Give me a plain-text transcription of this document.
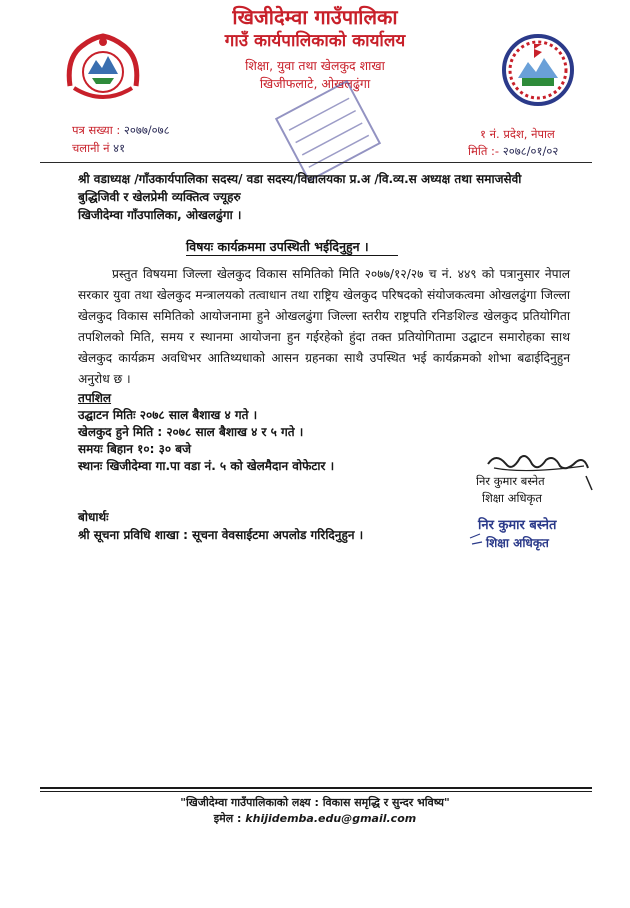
खिजीदेम्वा गाउँपालिका
गाउँ कार्यपालिकाको कार्यालय
शिक्षा, युवा तथा खेलकुद शाखा
खिजीफलाटे, ओखलढुंगा
पत्र सख्या : २०७७/०७८
चलानी नं ४१
१ नं. प्रदेश, नेपाल
मिति :- २०७८/०१/०२
श्री वडाध्यक्ष /गाँउकार्यपालिका सदस्य/ वडा सदस्य/विद्यालयका प्र.अ /वि.व्य.स अध्यक्ष तथा समाजसेवी
बुद्धिजिवी र खेलप्रेमी व्यक्तित्व ज्यूहरु
खिजीदेम्वा गाँउपालिका, ओखलढुंगा ।
विषयः कार्यक्रममा उपस्थिती भईदिनुहुन ।
प्रस्तुत विषयमा जिल्ला खेलकुद विकास समितिको मिति २०७७/१२/२७ च नं. ४४९ को पत्रानुसार नेपाल सरकार युवा तथा खेलकुद मन्त्रालयको तत्वाधान तथा राष्ट्रिय खेलकुद परिषदको संयोजकत्वमा ओखलढुंगा जिल्ला खेलकुद विकास समितिको आयोजनामा हुने ओखलढुंगा जिल्ला स्तरीय राष्ट्रपति रनिङशिल्ड खेलकुद प्रतियोगिता तपशिलको मिति, समय र स्थानमा आयोजना हुन गईरहेको हुंदा तक्त प्रतियोगितामा उद्घाटन समारोहका साथ खेलकुद कार्यक्रम अवधिभर आतिथ्यधाको आसन ग्रहनका साथै उपस्थित भई कार्यक्रमको शोभा बढाईदिनुहुन अनुरोध छ ।
तपशिल
उद्घाटन मितिः २०७८ साल बैशाख ४ गते ।
खेलकुद हुने मिति : २०७८ साल बैशाख ४ र ५ गते ।
समयः बिहान १०: ३० बजे
स्थानः खिजीदेम्वा गा.पा वडा नं. ५ को खेलमैदान वोफेटार ।
निर कुमार बस्नेत
शिक्षा अधिकृत
निर कुमार बस्नेत
शिक्षा अधिकृत
बोधार्थः
श्री सूचना प्रविधि शाखा : सूचना वेवसाईटमा अपलोड गरिदिनुहुन ।
"खिजीदेम्वा गाउँपालिकाको लक्ष्य : विकास समृद्धि र सुन्दर भविष्य"
इमेल : khijidemba.edu@gmail.com
